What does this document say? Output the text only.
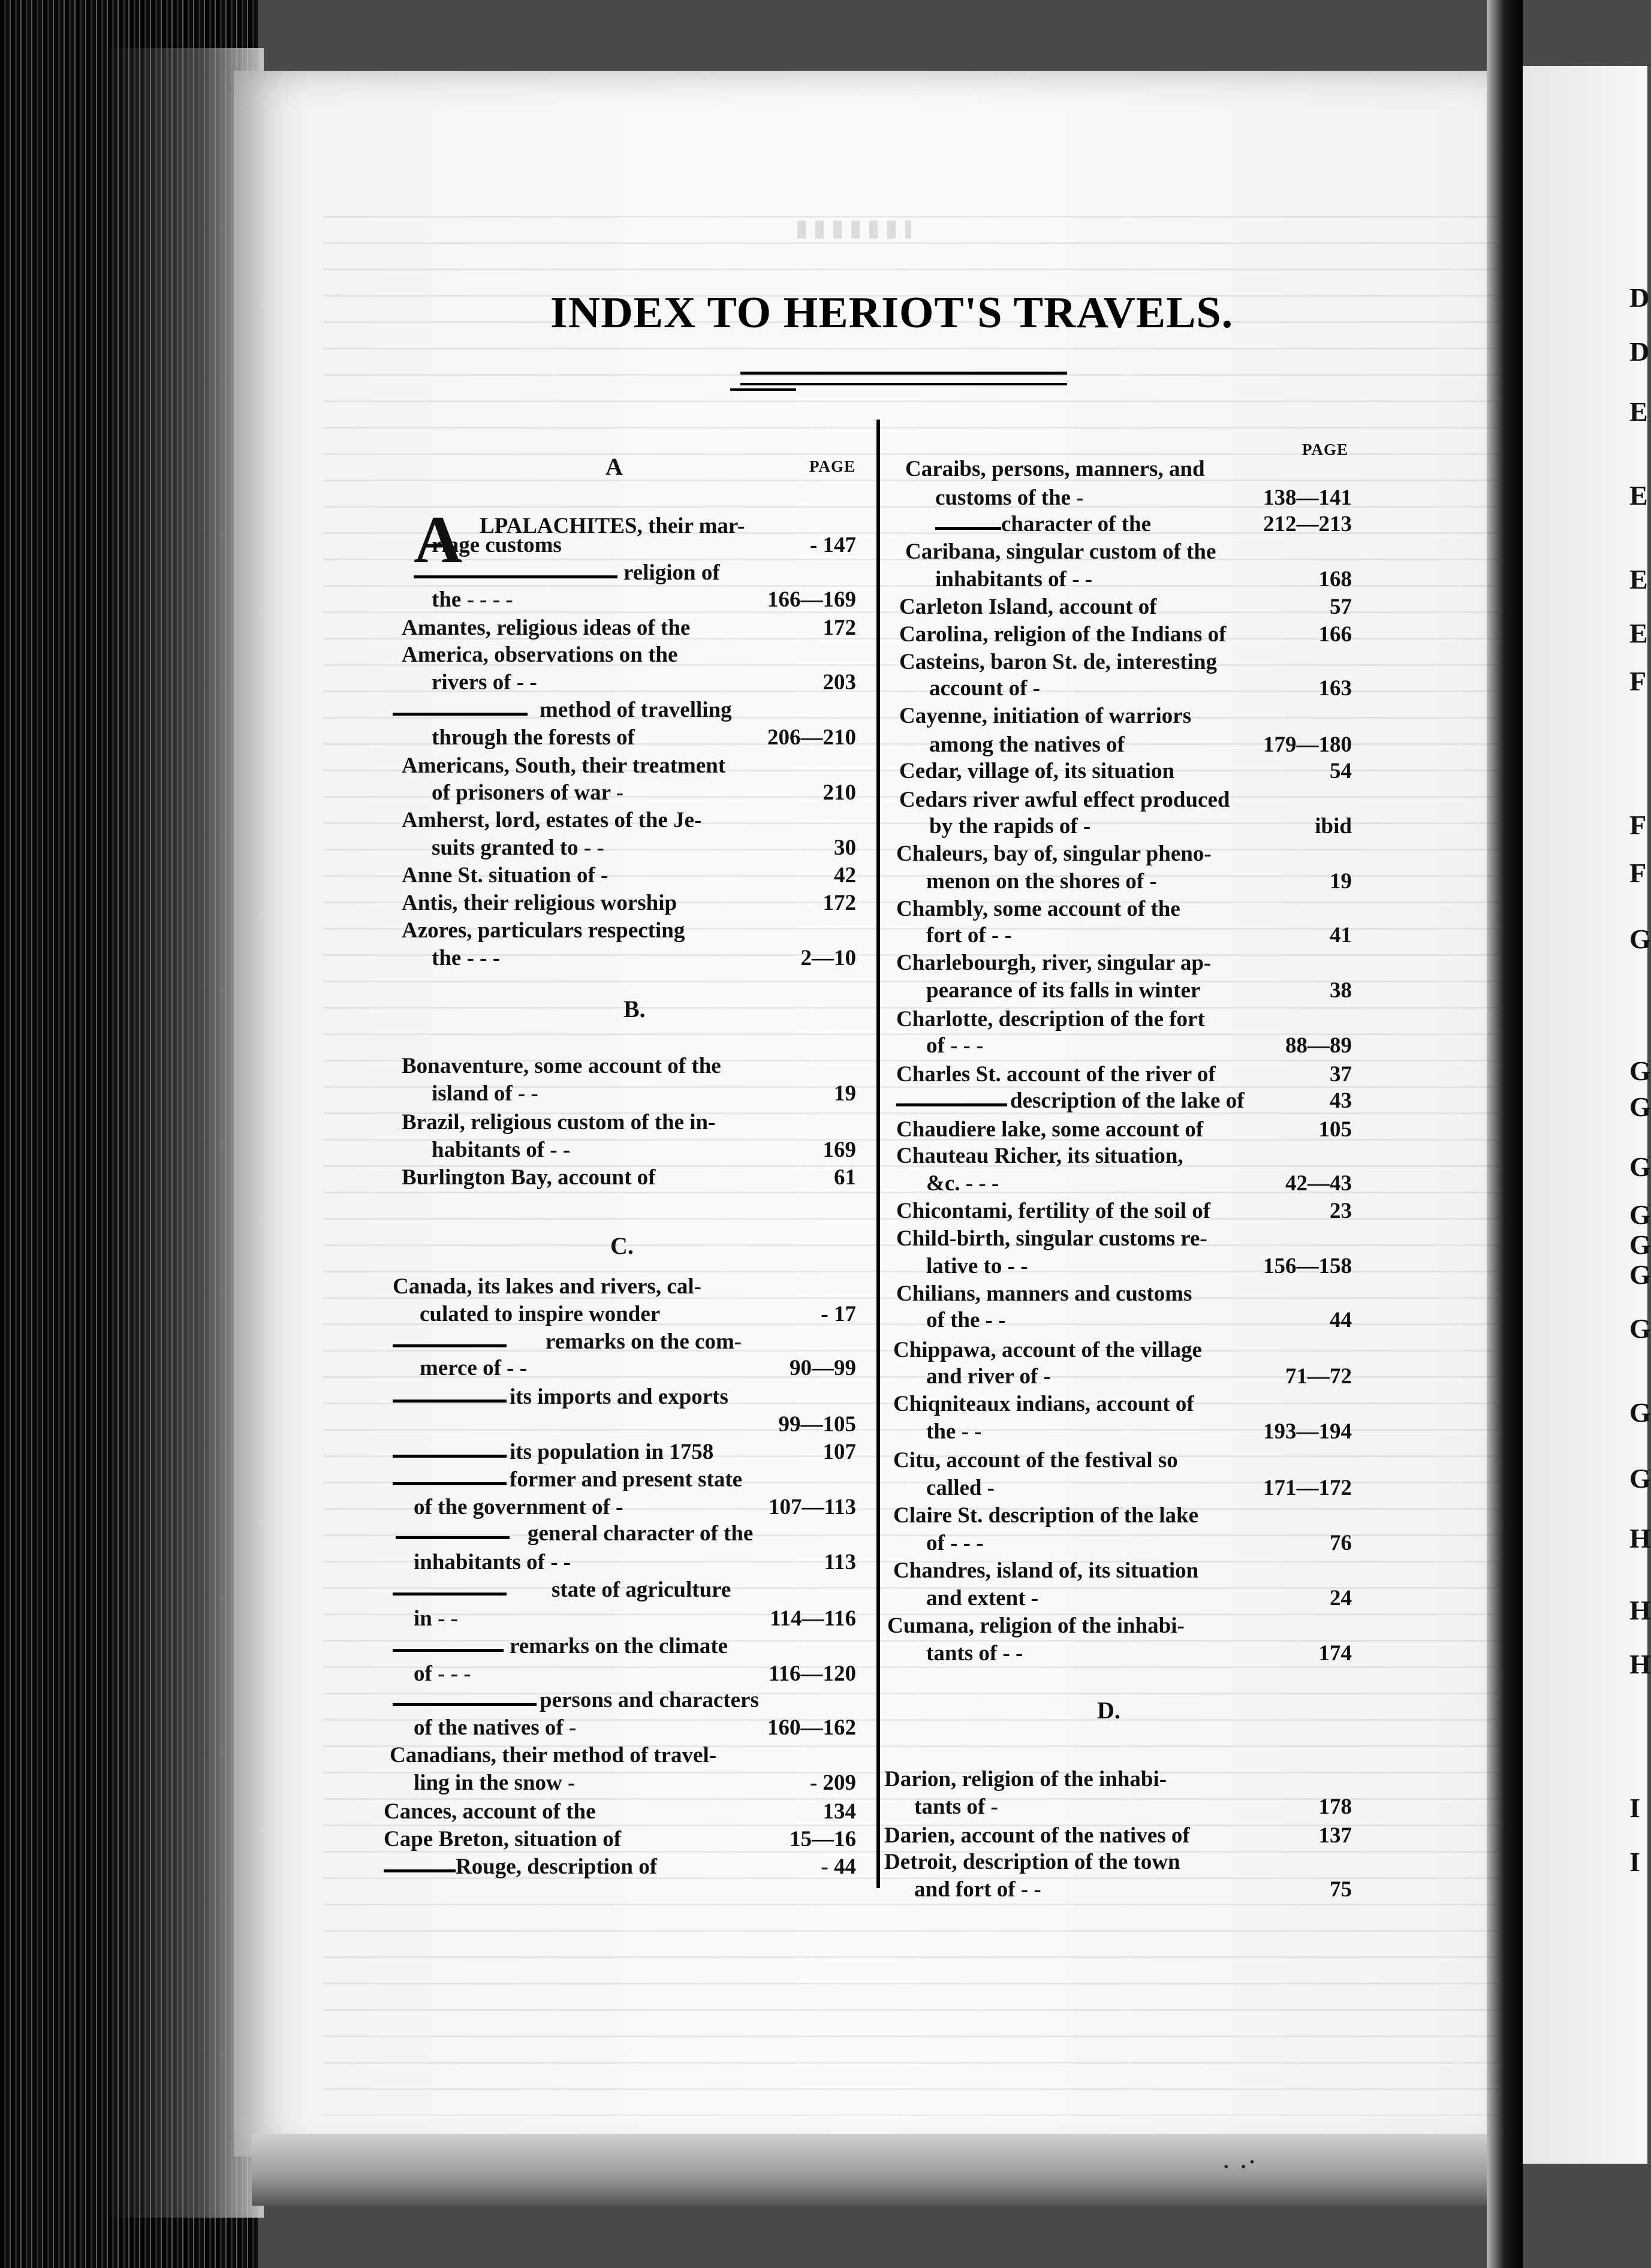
D
D
E
E
E
E
F
F
F
G
G
G
G
G
G
G
G
G
G
H
H
H
I
I
INDEX TO HERIOT'S TRAVELS.
PAGE
PAGE
A
B.
C.
D.
A LPALACHITES, their mar-
riage customs	- 147
religion of
the - - - -	166—169
Amantes, religious ideas of the	172
America, observations on the
rivers of - -	203
method of travelling
through the forests of	206—210
Americans, South, their treatment
of prisoners of war -	210
Amherst, lord, estates of the Je-
suits granted to - -	30
Anne St. situation of -	42
Antis, their religious worship	172
Azores, particulars respecting
the - - -	2—10
Bonaventure, some account of the
island of - -	19
Brazil, religious custom of the in-
habitants of - -	169
Burlington Bay, account of	61
Canada, its lakes and rivers, cal-
culated to inspire wonder	- 17
remarks on the com-
merce of - -	90—99
its imports and exports
99—105
its population in 1758	107
former and present state
of the government of -	107—113
general character of the
inhabitants of - -	113
state of agriculture
in - -	114—116
remarks on the climate
of - - -	116—120
persons and characters
of the natives of -	160—162
Canadians, their method of travel-
ling in the snow -	- 209
Cances, account of the	134
Cape Breton, situation of	15—16
Rouge, description of	- 44
Caraibs, persons, manners, and
customs of the -	138—141
character of the	212—213
Caribana, singular custom of the
inhabitants of - -	168
Carleton Island, account of	57
Carolina, religion of the Indians of	166
Casteins, baron St. de, interesting
account of -	163
Cayenne, initiation of warriors
among the natives of	179—180
Cedar, village of, its situation	54
Cedars river awful effect produced
by the rapids of -	ibid
Chaleurs, bay of, singular pheno-
menon on the shores of -	19
Chambly, some account of the
fort of - -	41
Charlebourgh, river, singular ap-
pearance of its falls in winter	38
Charlotte, description of the fort
of - - -	88—89
Charles St. account of the river of	37
description of the lake of	43
Chaudiere lake, some account of	105
Chauteau Richer, its situation,
&c. - - -	42—43
Chicontami, fertility of the soil of	23
Child-birth, singular customs re-
lative to - -	156—158
Chilians, manners and customs
of the - -	44
Chippawa, account of the village
and river of -	71—72
Chiqniteaux indians, account of
the - -	193—194
Citu, account of the festival so
called -	171—172
Claire St. description of the lake
of - - -	76
Chandres, island of, its situation
and extent -	24
Cumana, religion of the inhabi-
tants of - -	174
Darion, religion of the inhabi-
tants of -	178
Darien, account of the natives of	137
Detroit, description of the town
and fort of - -	75
. .·
